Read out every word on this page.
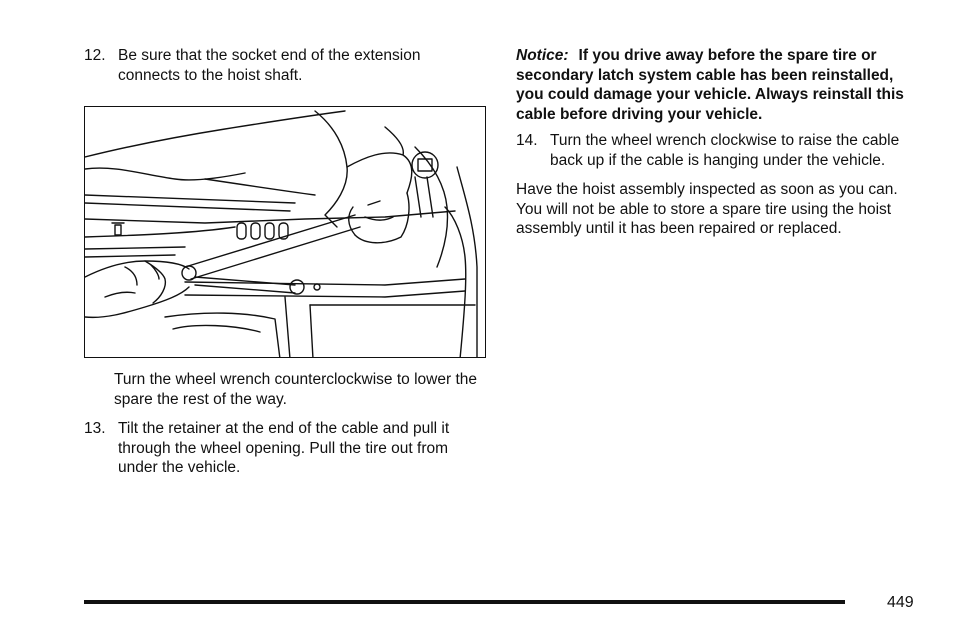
12. Be sure that the socket end of the extension connects to the hoist shaft.
Turn the wheel wrench counterclockwise to lower the spare the rest of the way.
13. Tilt the retainer at the end of the cable and pull it through the wheel opening. Pull the tire out from under the vehicle.
Notice: If you drive away before the spare tire or secondary latch system cable has been reinstalled, you could damage your vehicle. Always reinstall this cable before driving your vehicle.
14. Turn the wheel wrench clockwise to raise the cable back up if the cable is hanging under the vehicle.
Have the hoist assembly inspected as soon as you can. You will not be able to store a spare tire using the hoist assembly until it has been repaired or replaced.
449
